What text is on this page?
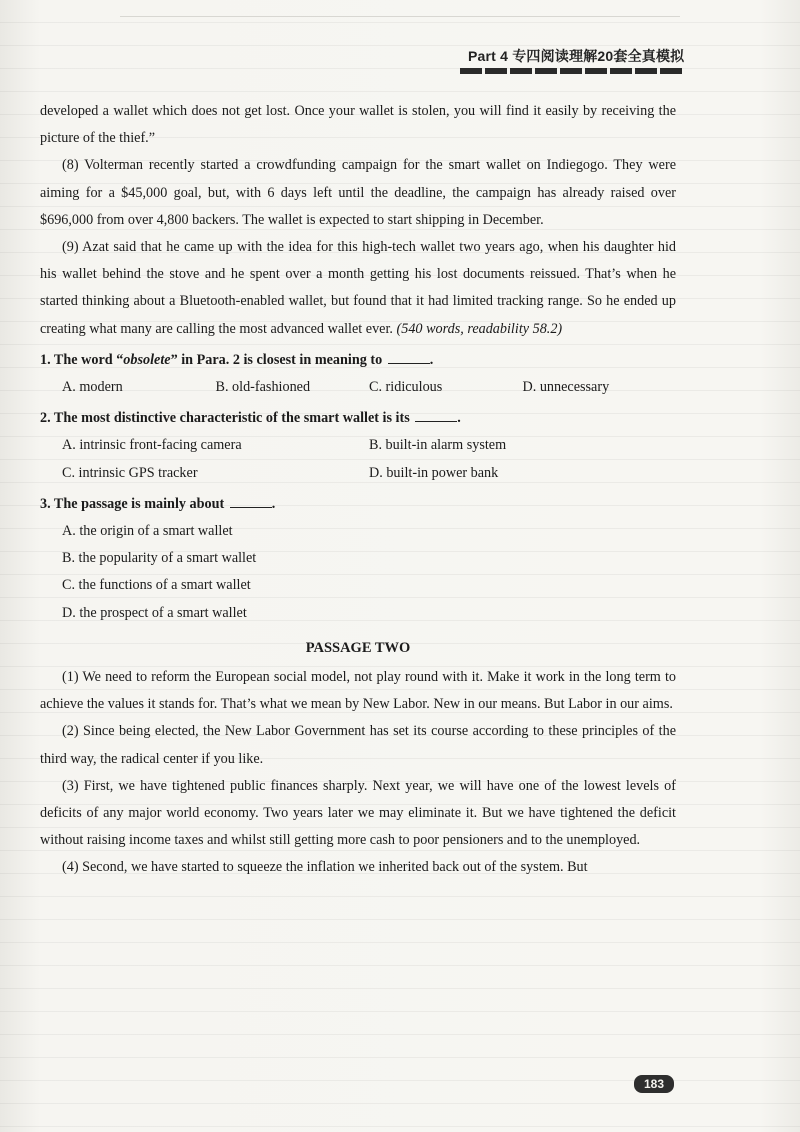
Part 4 专四阅读理解20套全真模拟

developed a wallet which does not get lost. Once your wallet is stolen, you will find it easily by receiving the picture of the thief.”

(8) Volterman recently started a crowdfunding campaign for the smart wallet on Indiegogo. They were aiming for a $45,000 goal, but, with 6 days left until the deadline, the campaign has already raised over $696,000 from over 4,800 backers. The wallet is expected to start shipping in December.

(9) Azat said that he came up with the idea for this high-tech wallet two years ago, when his daughter hid his wallet behind the stove and he spent over a month getting his lost documents reissued. That’s when he started thinking about a Bluetooth-enabled wallet, but found that it had limited tracking range. So he ended up creating what many are calling the most advanced wallet ever. (540 words, readability 58.2)

1. The word “obsolete” in Para. 2 is closest in meaning to	.
A. modern	B. old-fashioned	C. ridiculous	D. unnecessary
2. The most distinctive characteristic of the smart wallet is its	.
A. intrinsic front-facing camera	B. built-in alarm system
C. intrinsic GPS tracker	D. built-in power bank
3. The passage is mainly about	.
A. the origin of a smart wallet
B. the popularity of a smart wallet
C. the functions of a smart wallet
D. the prospect of a smart wallet
PASSAGE TWO

(1) We need to reform the European social model, not play round with it. Make it work in the long term to achieve the values it stands for. That’s what we mean by New Labor. New in our means. But Labor in our aims.

(2) Since being elected, the New Labor Government has set its course according to these principles of the third way, the radical center if you like.

(3) First, we have tightened public finances sharply. Next year, we will have one of the lowest levels of deficits of any major world economy. Two years later we may eliminate it. But we have tightened the deficit without raising income taxes and whilst still getting more cash to poor pensioners and to the unemployed.

(4) Second, we have started to squeeze the inflation we inherited back out of the system. But

183
